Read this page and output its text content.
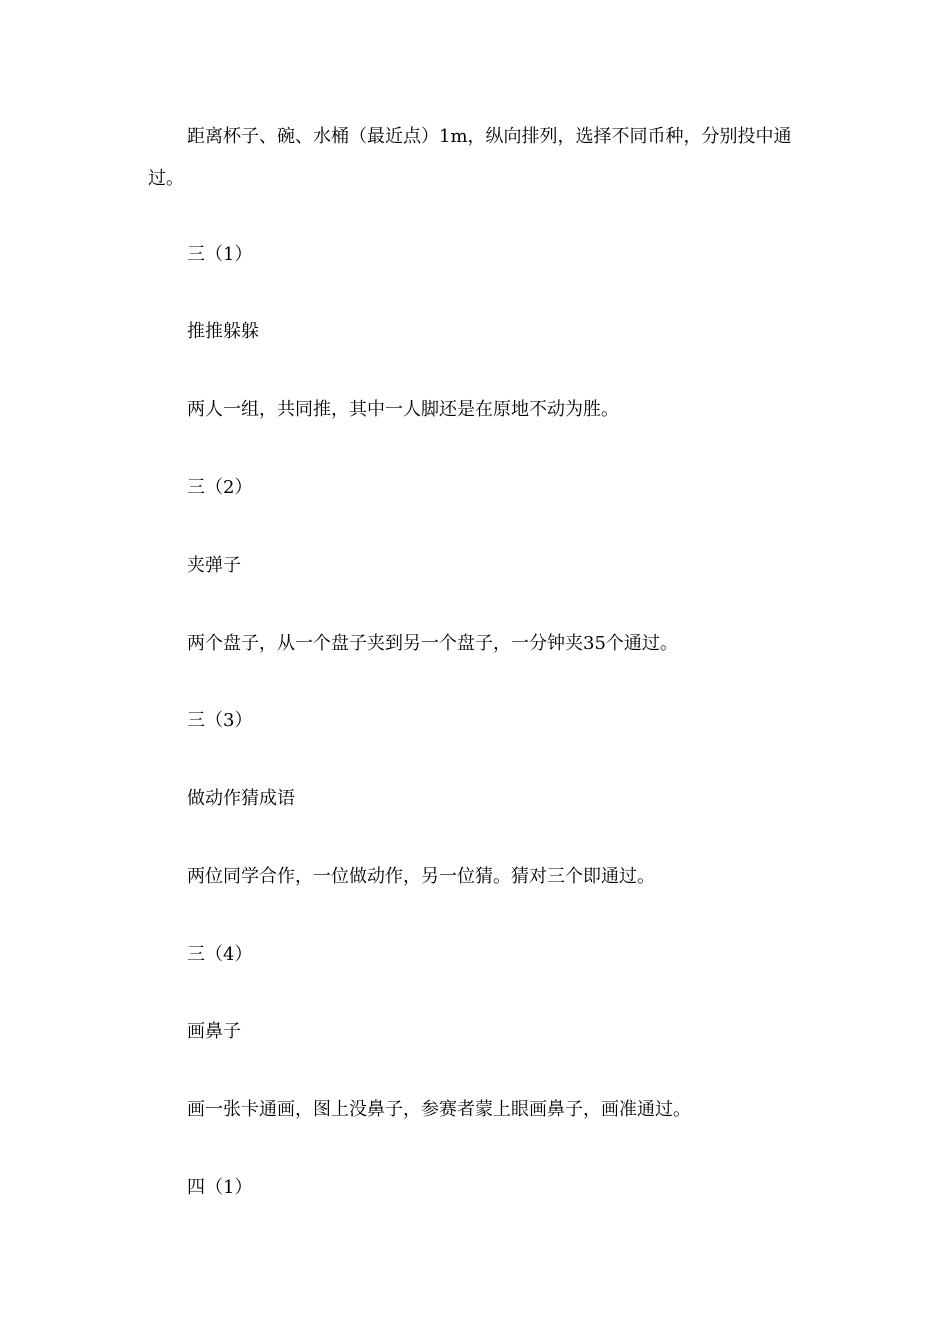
距离杯子、碗、水桶（最近点）1m，纵向排列，选择不同币种，分别投中通过。

三（1）

推推躲躲

两人一组，共同推，其中一人脚还是在原地不动为胜。

三（2）

夹弹子

两个盘子，从一个盘子夹到另一个盘子，一分钟夹35个通过。

三（3）

做动作猜成语

两位同学合作，一位做动作，另一位猜。猜对三个即通过。

三（4）

画鼻子

画一张卡通画，图上没鼻子，参赛者蒙上眼画鼻子，画准通过。

四（1）
